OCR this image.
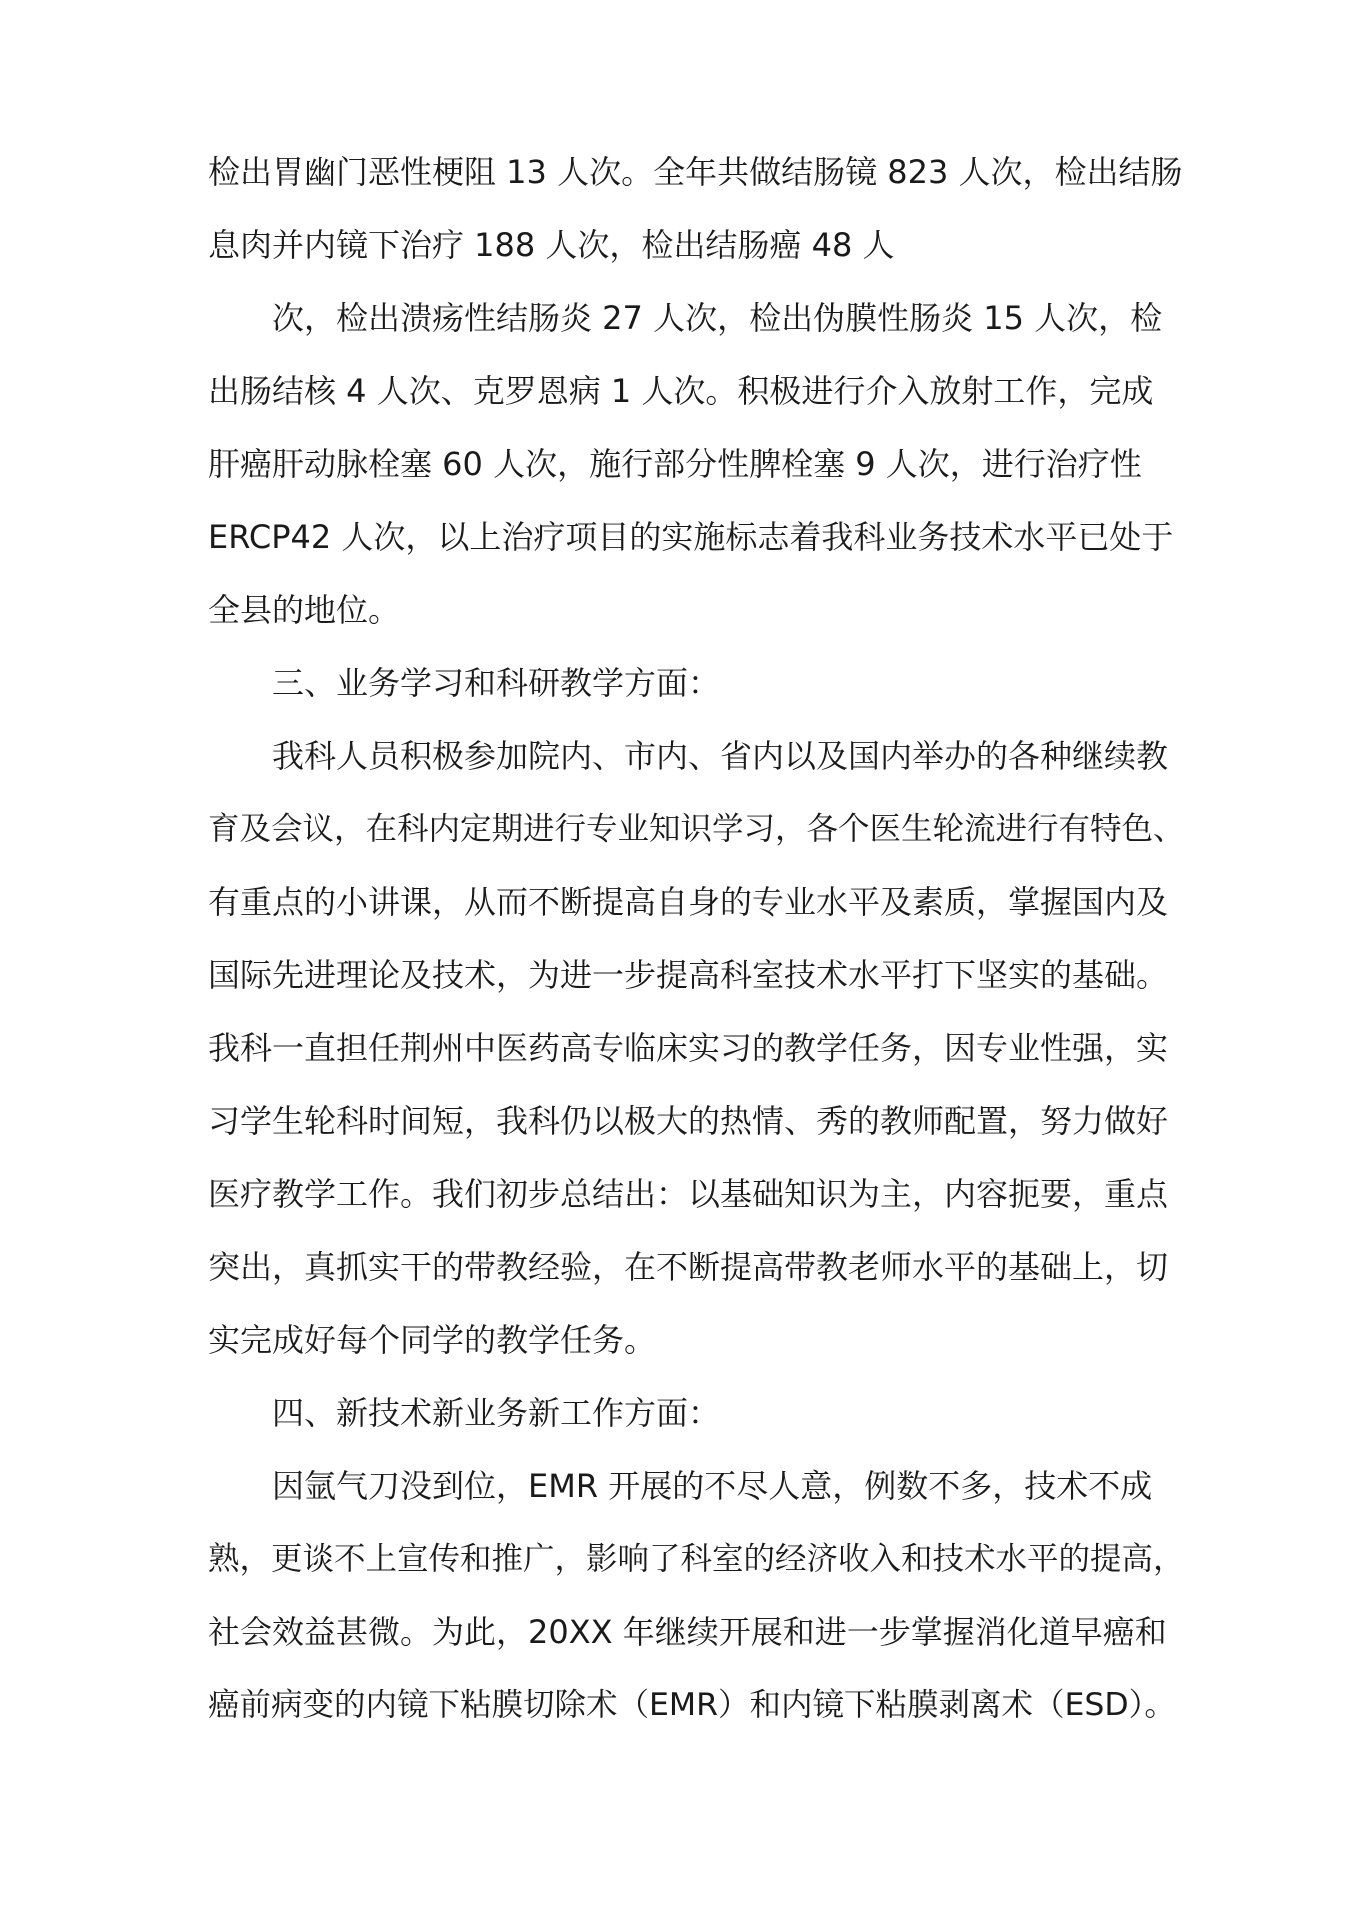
检出胃幽门恶性梗阻 13 人次。全年共做结肠镜 823 人次，检出结肠
息肉并内镜下治疗 188 人次，检出结肠癌 48 人
次，检出溃疡性结肠炎 27 人次，检出伪膜性肠炎 15 人次，检
出肠结核 4 人次、克罗恩病 1 人次。积极进行介入放射工作，完成
肝癌肝动脉栓塞 60 人次，施行部分性脾栓塞 9 人次，进行治疗性
ERCP42 人次，以上治疗项目的实施标志着我科业务技术水平已处于
全县的地位。
三、业务学习和科研教学方面：
我科人员积极参加院内、市内、省内以及国内举办的各种继续教
育及会议，在科内定期进行专业知识学习，各个医生轮流进行有特色、
有重点的小讲课，从而不断提高自身的专业水平及素质，掌握国内及
国际先进理论及技术，为进一步提高科室技术水平打下坚实的基础。
我科一直担任荆州中医药高专临床实习的教学任务，因专业性强，实
习学生轮科时间短，我科仍以极大的热情、秀的教师配置，努力做好
医疗教学工作。我们初步总结出：以基础知识为主，内容扼要，重点
突出，真抓实干的带教经验，在不断提高带教老师水平的基础上，切
实完成好每个同学的教学任务。
四、新技术新业务新工作方面：
因氩气刀没到位，EMR 开展的不尽人意，例数不多，技术不成
熟，更谈不上宣传和推广，影响了科室的经济收入和技术水平的提高，
社会效益甚微。为此，20XX 年继续开展和进一步掌握消化道早癌和
癌前病变的内镜下粘膜切除术（EMR）和内镜下粘膜剥离术（ESD）。
